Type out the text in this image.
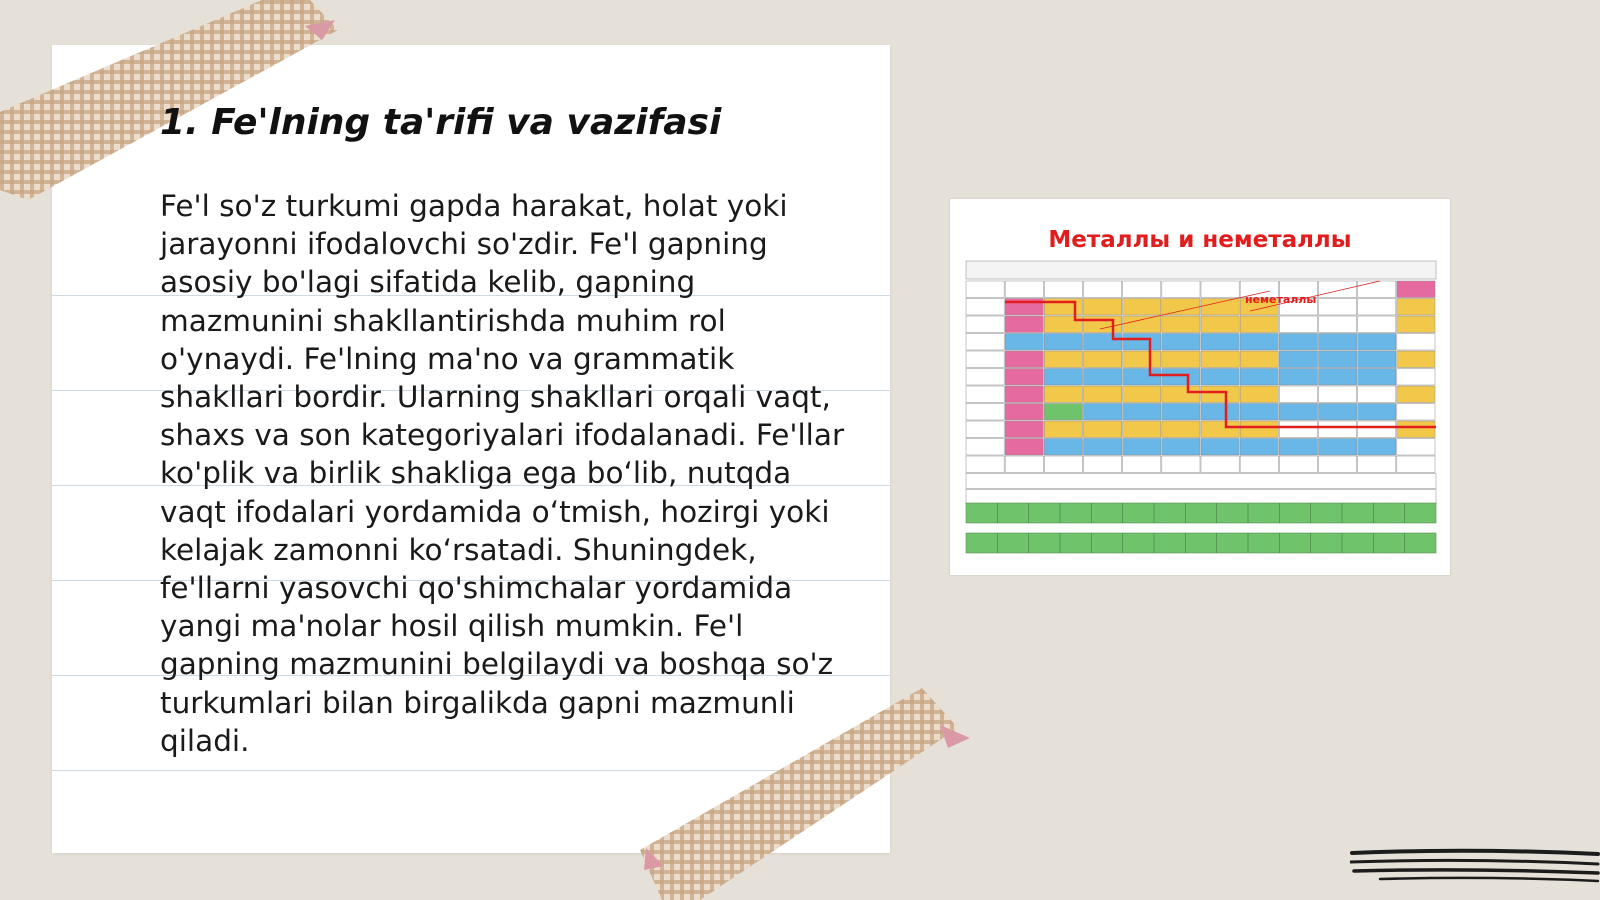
1. Fe'lning ta'rifi va vazifasi

Fe'l so'z turkumi gapda harakat, holat yoki jarayonni ifodalovchi so'zdir. Fe'l gapning asosiy bo'lagi sifatida kelib, gapning mazmunini shakllantirishda muhim rol o'ynaydi. Fe'lning ma'no va grammatik shakllari bordir. Ularning shakllari orqali vaqt, shaxs va son kategoriyalari ifodalanadi. Fe'llar ko'plik va birlik shakliga ega bo‘lib, nutqda vaqt ifodalari yordamida o‘tmish, hozirgi yoki kelajak zamonni ko‘rsatadi. Shuningdek, fe'llarni yasovchi qo'shimchalar yordamida yangi ma'nolar hosil qilish mumkin. Fe'l gapning mazmunini belgilaydi va boshqa so'z turkumlari bilan birgalikda gapni mazmunli qiladi.

Металлы и неметаллы
неметаллы
